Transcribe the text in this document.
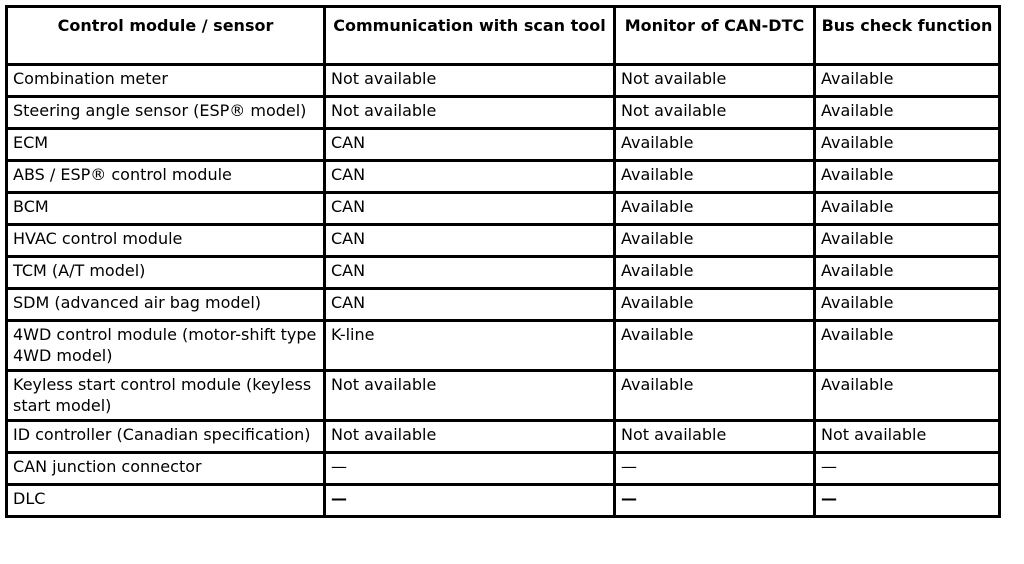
Control module / sensor	Communication with scan tool	Monitor of CAN-DTC	Bus check function
Combination meter	Not available	Not available	Available
Steering angle sensor (ESP® model)	Not available	Not available	Available
ECM	CAN	Available	Available
ABS / ESP® control module	CAN	Available	Available
BCM	CAN	Available	Available
HVAC control module	CAN	Available	Available
TCM (A/T model)	CAN	Available	Available
SDM (advanced air bag model)	CAN	Available	Available
4WD control module (motor-shift type 4WD model)	K-line	Available	Available
Keyless start control module (keyless start model)	Not available	Available	Available
ID controller (Canadian specification)	Not available	Not available	Not available
CAN junction connector	—	—	—
DLC	—	—	—
